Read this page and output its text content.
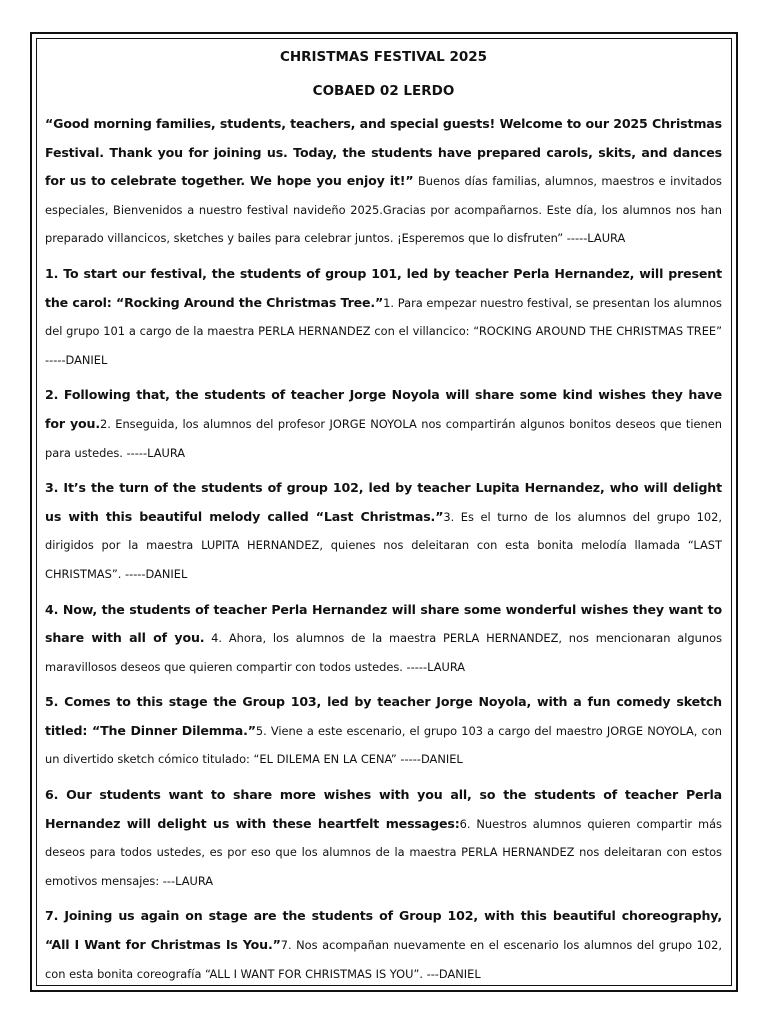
CHRISTMAS FESTIVAL 2025
COBAED 02 LERDO

“Good morning families, students, teachers, and special guests! Welcome to our 2025 Christmas Festival. Thank you for joining us. Today, the students have prepared carols, skits, and dances for us to celebrate together. We hope you enjoy it!” Buenos días familias, alumnos, maestros e invitados especiales, Bienvenidos a nuestro festival navideño 2025.Gracias por acompañarnos. Este día, los alumnos nos han preparado villancicos, sketches y bailes para celebrar juntos. ¡Esperemos que lo disfruten” -----LAURA

1. To start our festival, the students of group 101, led by teacher Perla Hernandez, will present the carol: “Rocking Around the Christmas Tree.”1. Para empezar nuestro festival, se presentan los alumnos del grupo 101 a cargo de la maestra PERLA HERNANDEZ con el villancico: “ROCKING AROUND THE CHRISTMAS TREE” -----DANIEL

2. Following that, the students of teacher Jorge Noyola will share some kind wishes they have for you.2. Enseguida, los alumnos del profesor JORGE NOYOLA nos compartirán algunos bonitos deseos que tienen para ustedes. -----LAURA

3. It’s the turn of the students of group 102, led by teacher Lupita Hernandez, who will delight us with this beautiful melody called “Last Christmas.”3. Es el turno de los alumnos del grupo 102, dirigidos por la maestra LUPITA HERNANDEZ, quienes nos deleitaran con esta bonita melodía llamada “LAST CHRISTMAS”. -----DANIEL

4. Now, the students of teacher Perla Hernandez will share some wonderful wishes they want to share with all of you. 4. Ahora, los alumnos de la maestra PERLA HERNANDEZ, nos mencionaran algunos maravillosos deseos que quieren compartir con todos ustedes. -----LAURA

5. Comes to this stage the Group 103, led by teacher Jorge Noyola, with a fun comedy sketch titled: “The Dinner Dilemma.”5. Viene a este escenario, el grupo 103 a cargo del maestro JORGE NOYOLA, con un divertido sketch cómico titulado: “EL DILEMA EN LA CENA” -----DANIEL

6. Our students want to share more wishes with you all, so the students of teacher Perla Hernandez will delight us with these heartfelt messages:6. Nuestros alumnos quieren compartir más deseos para todos ustedes, es por eso que los alumnos de la maestra PERLA HERNANDEZ nos deleitaran con estos emotivos mensajes: ---LAURA

7. Joining us again on stage are the students of Group 102, with this beautiful choreography, “All I Want for Christmas Is You.”7. Nos acompañan nuevamente en el escenario los alumnos del grupo 102, con esta bonita coreografía “ALL I WANT FOR CHRISTMAS IS YOU”. ---DANIEL
